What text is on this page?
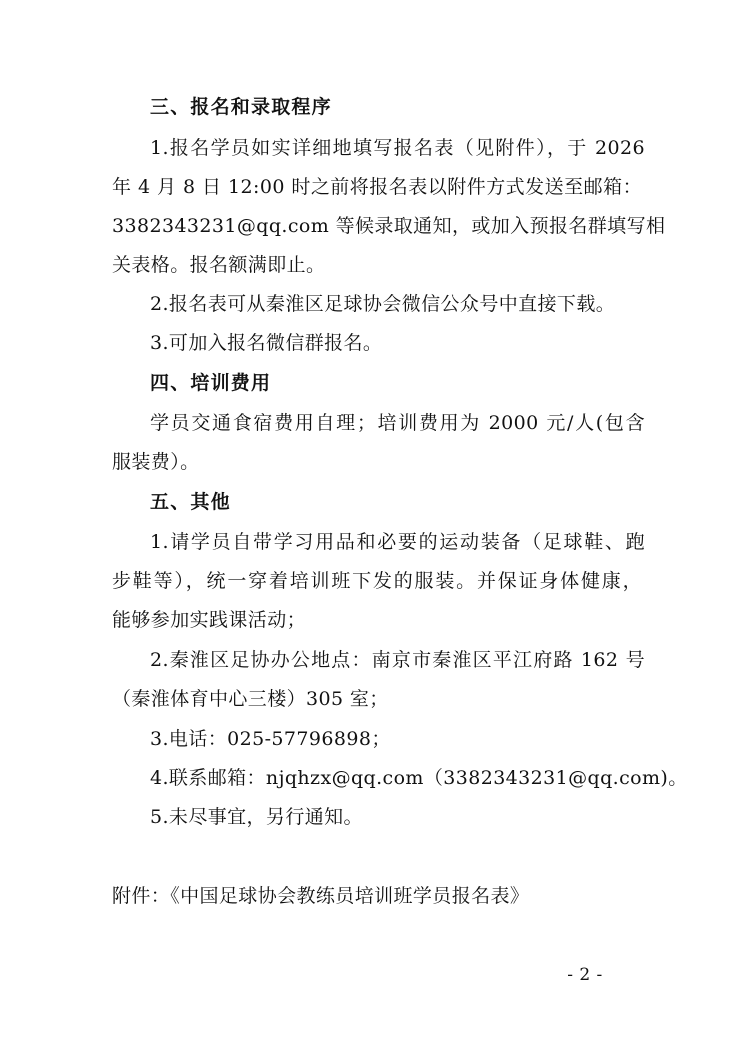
三、报名和录取程序
1.报名学员如实详细地填写报名表（见附件），于 2026
年 4 月 8 日 12:00 时之前将报名表以附件方式发送至邮箱：
3382343231@qq.com 等候录取通知，或加入预报名群填写相
关表格。报名额满即止。
2.报名表可从秦淮区足球协会微信公众号中直接下载。
3.可加入报名微信群报名。
四、培训费用
学员交通食宿费用自理；培训费用为 2000 元/人(包含
服装费）。
五、其他
1.请学员自带学习用品和必要的运动装备（足球鞋、跑
步鞋等），统一穿着培训班下发的服装。并保证身体健康，
能够参加实践课活动；
2.秦淮区足协办公地点：南京市秦淮区平江府路 162 号
（秦淮体育中心三楼）305 室；
3.电话：025-57796898；
4.联系邮箱：njqhzx@qq.com（3382343231@qq.com)。
5.未尽事宜，另行通知。
附件：《中国足球协会教练员培训班学员报名表》
- 2 -
